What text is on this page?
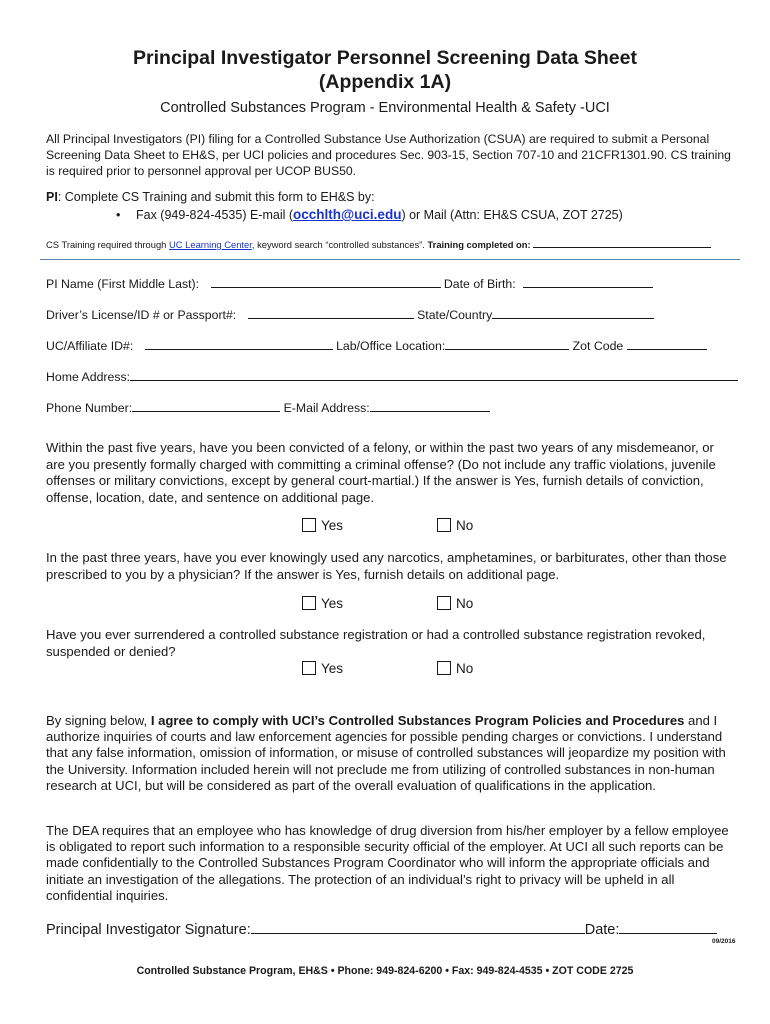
Principal Investigator Personnel Screening Data Sheet
(Appendix 1A)
Controlled Substances Program - Environmental Health & Safety -UCI
All Principal Investigators (PI) filing for a Controlled Substance Use Authorization (CSUA) are required to submit a Personal Screening Data Sheet to EH&S, per UCI policies and procedures Sec. 903-15, Section 707-10 and 21CFR1301.90. CS training is required prior to personnel approval per UCOP BUS50.
PI: Complete CS Training and submit this form to EH&S by:
• Fax (949-824-4535) E-mail (occhlth@uci.edu) or Mail (Attn: EH&S CSUA, ZOT 2725)
CS Training required through UC Learning Center, keyword search “controlled substances”. Training completed on:
PI Name (First Middle Last):	Date of Birth:
Driver’s License/ID # or Passport#:	State/Country
UC/Affiliate ID#:	Lab/Office Location:	Zot Code
Home Address:
Phone Number:	E-Mail Address:
Within the past five years, have you been convicted of a felony, or within the past two years of any misdemeanor, or are you presently formally charged with committing a criminal offense? (Do not include any traffic violations, juvenile offenses or military convictions, except by general court-martial.) If the answer is Yes, furnish details of conviction, offense, location, date, and sentence on additional page.
Yes	No
In the past three years, have you ever knowingly used any narcotics, amphetamines, or barbiturates, other than those prescribed to you by a physician? If the answer is Yes, furnish details on additional page.
Yes	No
Have you ever surrendered a controlled substance registration or had a controlled substance registration revoked, suspended or denied?
Yes	No
By signing below, I agree to comply with UCI’s Controlled Substances Program Policies and Procedures and I authorize inquiries of courts and law enforcement agencies for possible pending charges or convictions. I understand that any false information, omission of information, or misuse of controlled substances will jeopardize my position with the University. Information included herein will not preclude me from utilizing of controlled substances in non-human research at UCI, but will be considered as part of the overall evaluation of qualifications in the application.
The DEA requires that an employee who has knowledge of drug diversion from his/her employer by a fellow employee is obligated to report such information to a responsible security official of the employer. At UCI all such reports can be made confidentially to the Controlled Substances Program Coordinator who will inform the appropriate officials and initiate an investigation of the allegations. The protection of an individual’s right to privacy will be upheld in all confidential inquiries.
Principal Investigator Signature:	Date:
09/2016
Controlled Substance Program, EH&S • Phone: 949-824-6200 • Fax: 949-824-4535 • ZOT CODE 2725
